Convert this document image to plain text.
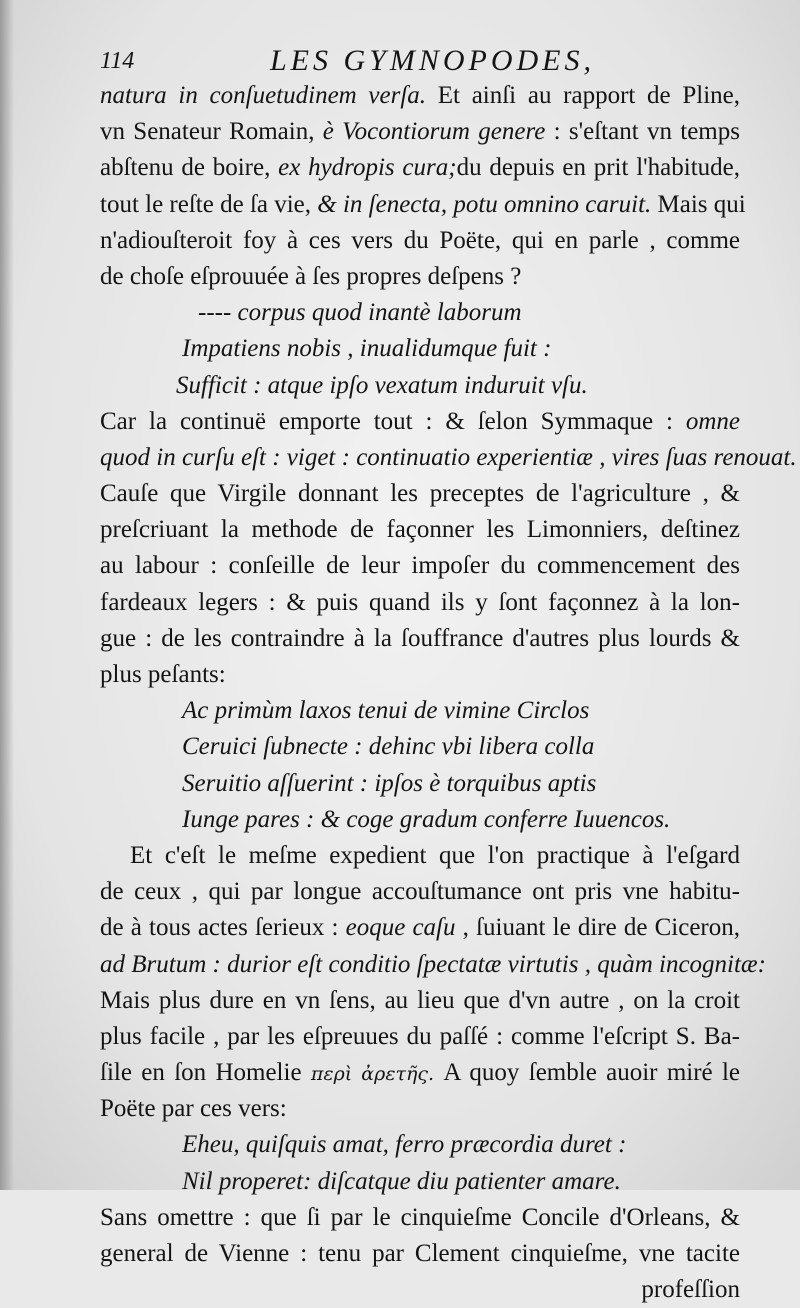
114	LES GYMNOPODES,
natura in conſuetudinem verſa. Et ainſi au rapport de Pline,
vn Senateur Romain, è Vocontiorum genere : s'eſtant vn temps
abſtenu de boire, ex hydropis cura;du depuis en prit l'habitude,
tout le reſte de ſa vie, & in ſenecta, potu omnino caruit. Mais qui
n'adiouſteroit foy à ces vers du Poëte, qui en parle , comme
de choſe eſprouuée à ſes propres deſpens ?
---- corpus quod inantè laborum
Impatiens nobis , inualidumque fuit :
Sufficit : atque ipſo vexatum induruit vſu.
Car la continuë emporte tout : & ſelon Symmaque : omne
quod in curſu eſt : viget : continuatio experientiæ , vires ſuas renouat.
Cauſe que Virgile donnant les preceptes de l'agriculture , &
preſcriuant la methode de façonner les Limonniers, deſtinez
au labour : conſeille de leur impoſer du commencement des
fardeaux legers : & puis quand ils y ſont façonnez à la lon-
gue : de les contraindre à la ſouffrance d'autres plus lourds &
plus peſants:
Ac primùm laxos tenui de vimine Circlos
Ceruici ſubnecte : dehinc vbi libera colla
Seruitio aſſuerint : ipſos è torquibus aptis
Iunge pares : & coge gradum conferre Iuuencos.
Et c'eſt le meſme expedient que l'on practique à l'eſgard
de ceux , qui par longue accouſtumance ont pris vne habitu-
de à tous actes ſerieux : eoque caſu , ſuiuant le dire de Ciceron,
ad Brutum : durior eſt conditio ſpectatæ virtutis , quàm incognitæ:
Mais plus dure en vn ſens, au lieu que d'vn autre , on la croit
plus facile , par les eſpreuues du paſſé : comme l'eſcript S. Ba-
ſile en ſon Homelie περὶ ἀρετῆς. A quoy ſemble auoir miré le
Poëte par ces vers:
Eheu, quiſquis amat, ferro præcordia duret :
Nil properet: diſcatque diu patienter amare.
Sans omettre : que ſi par le cinquieſme Concile d'Orleans, &
general de Vienne : tenu par Clement cinquieſme, vne tacite
profeſſion
